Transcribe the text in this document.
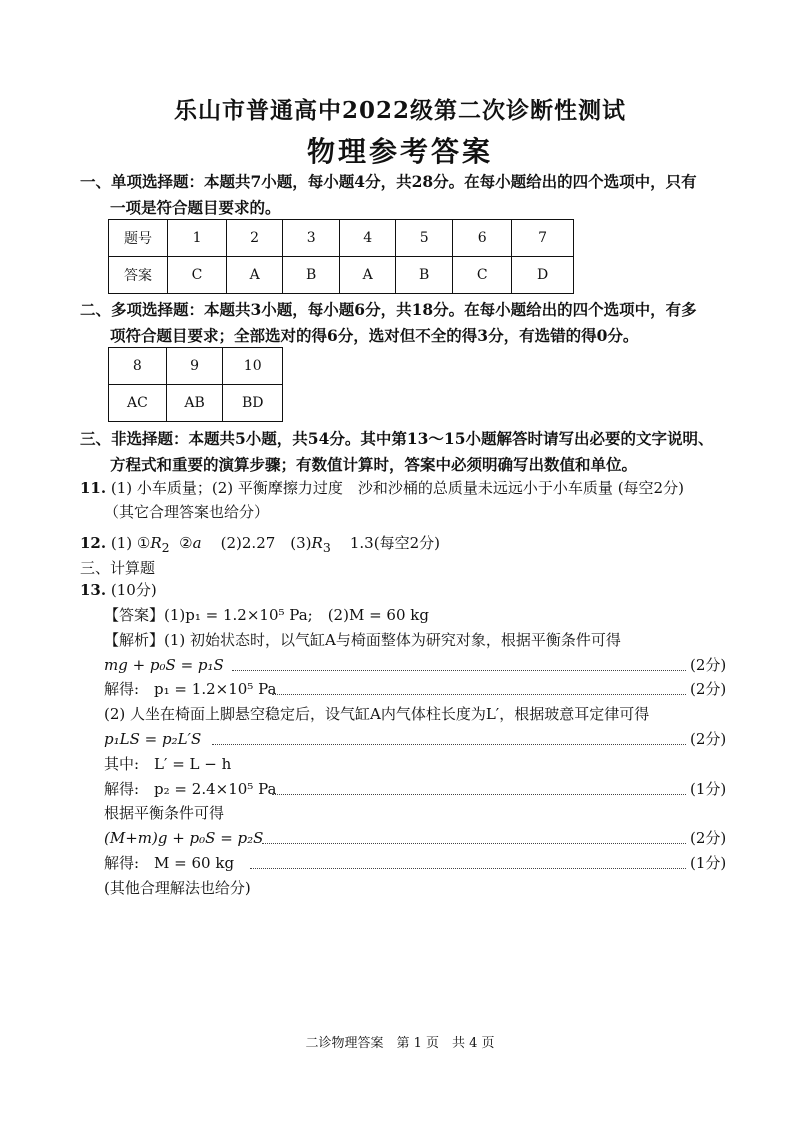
乐山市普通高中2022级第二次诊断性测试
物理参考答案
一、单项选择题：本题共7小题，每小题4分，共28分。在每小题给出的四个选项中，只有
一项是符合题目要求的。
题号	1	2	3	4	5	6	7
答案	C	A	B	A	B	C	D
二、多项选择题：本题共3小题，每小题6分，共18分。在每小题给出的四个选项中，有多
项符合题目要求；全部选对的得6分，选对但不全的得3分，有选错的得0分。
8	9	10
AC	AB	BD
三、非选择题：本题共5小题，共54分。其中第13～15小题解答时请写出必要的文字说明、
方程式和重要的演算步骤；有数值计算时，答案中必须明确写出数值和单位。
11. (1) 小车质量；(2) 平衡摩擦力过度　沙和沙桶的总质量未远远小于小车质量 (每空2分)
（其它合理答案也给分）
12. (1) $①R_2$ ②a (2)2.27　$(3)R_3$ 1.3(每空2分)
三、计算题
13. (10分)
【答案】(1)p₁ = 1.2×10⁵ Pa;　(2)M = 60 kg
【解析】(1) 初始状态时，以气缸A与椅面整体为研究对象，根据平衡条件可得
mg + p₀S = p₁S	(2分)
解得:　p₁ = 1.2×10⁵ Pa	(2分)
(2) 人坐在椅面上脚悬空稳定后，设气缸A内气体柱长度为L′，根据玻意耳定律可得
p₁LS = p₂L′S	(2分)
其中:　L′ = L − h
解得:　p₂ = 2.4×10⁵ Pa	(1分)
根据平衡条件可得
(M+m)g + p₀S = p₂S	(2分)
解得:　M = 60 kg	(1分)
(其他合理解法也给分)
二诊物理答案　第 1 页　共 4 页
